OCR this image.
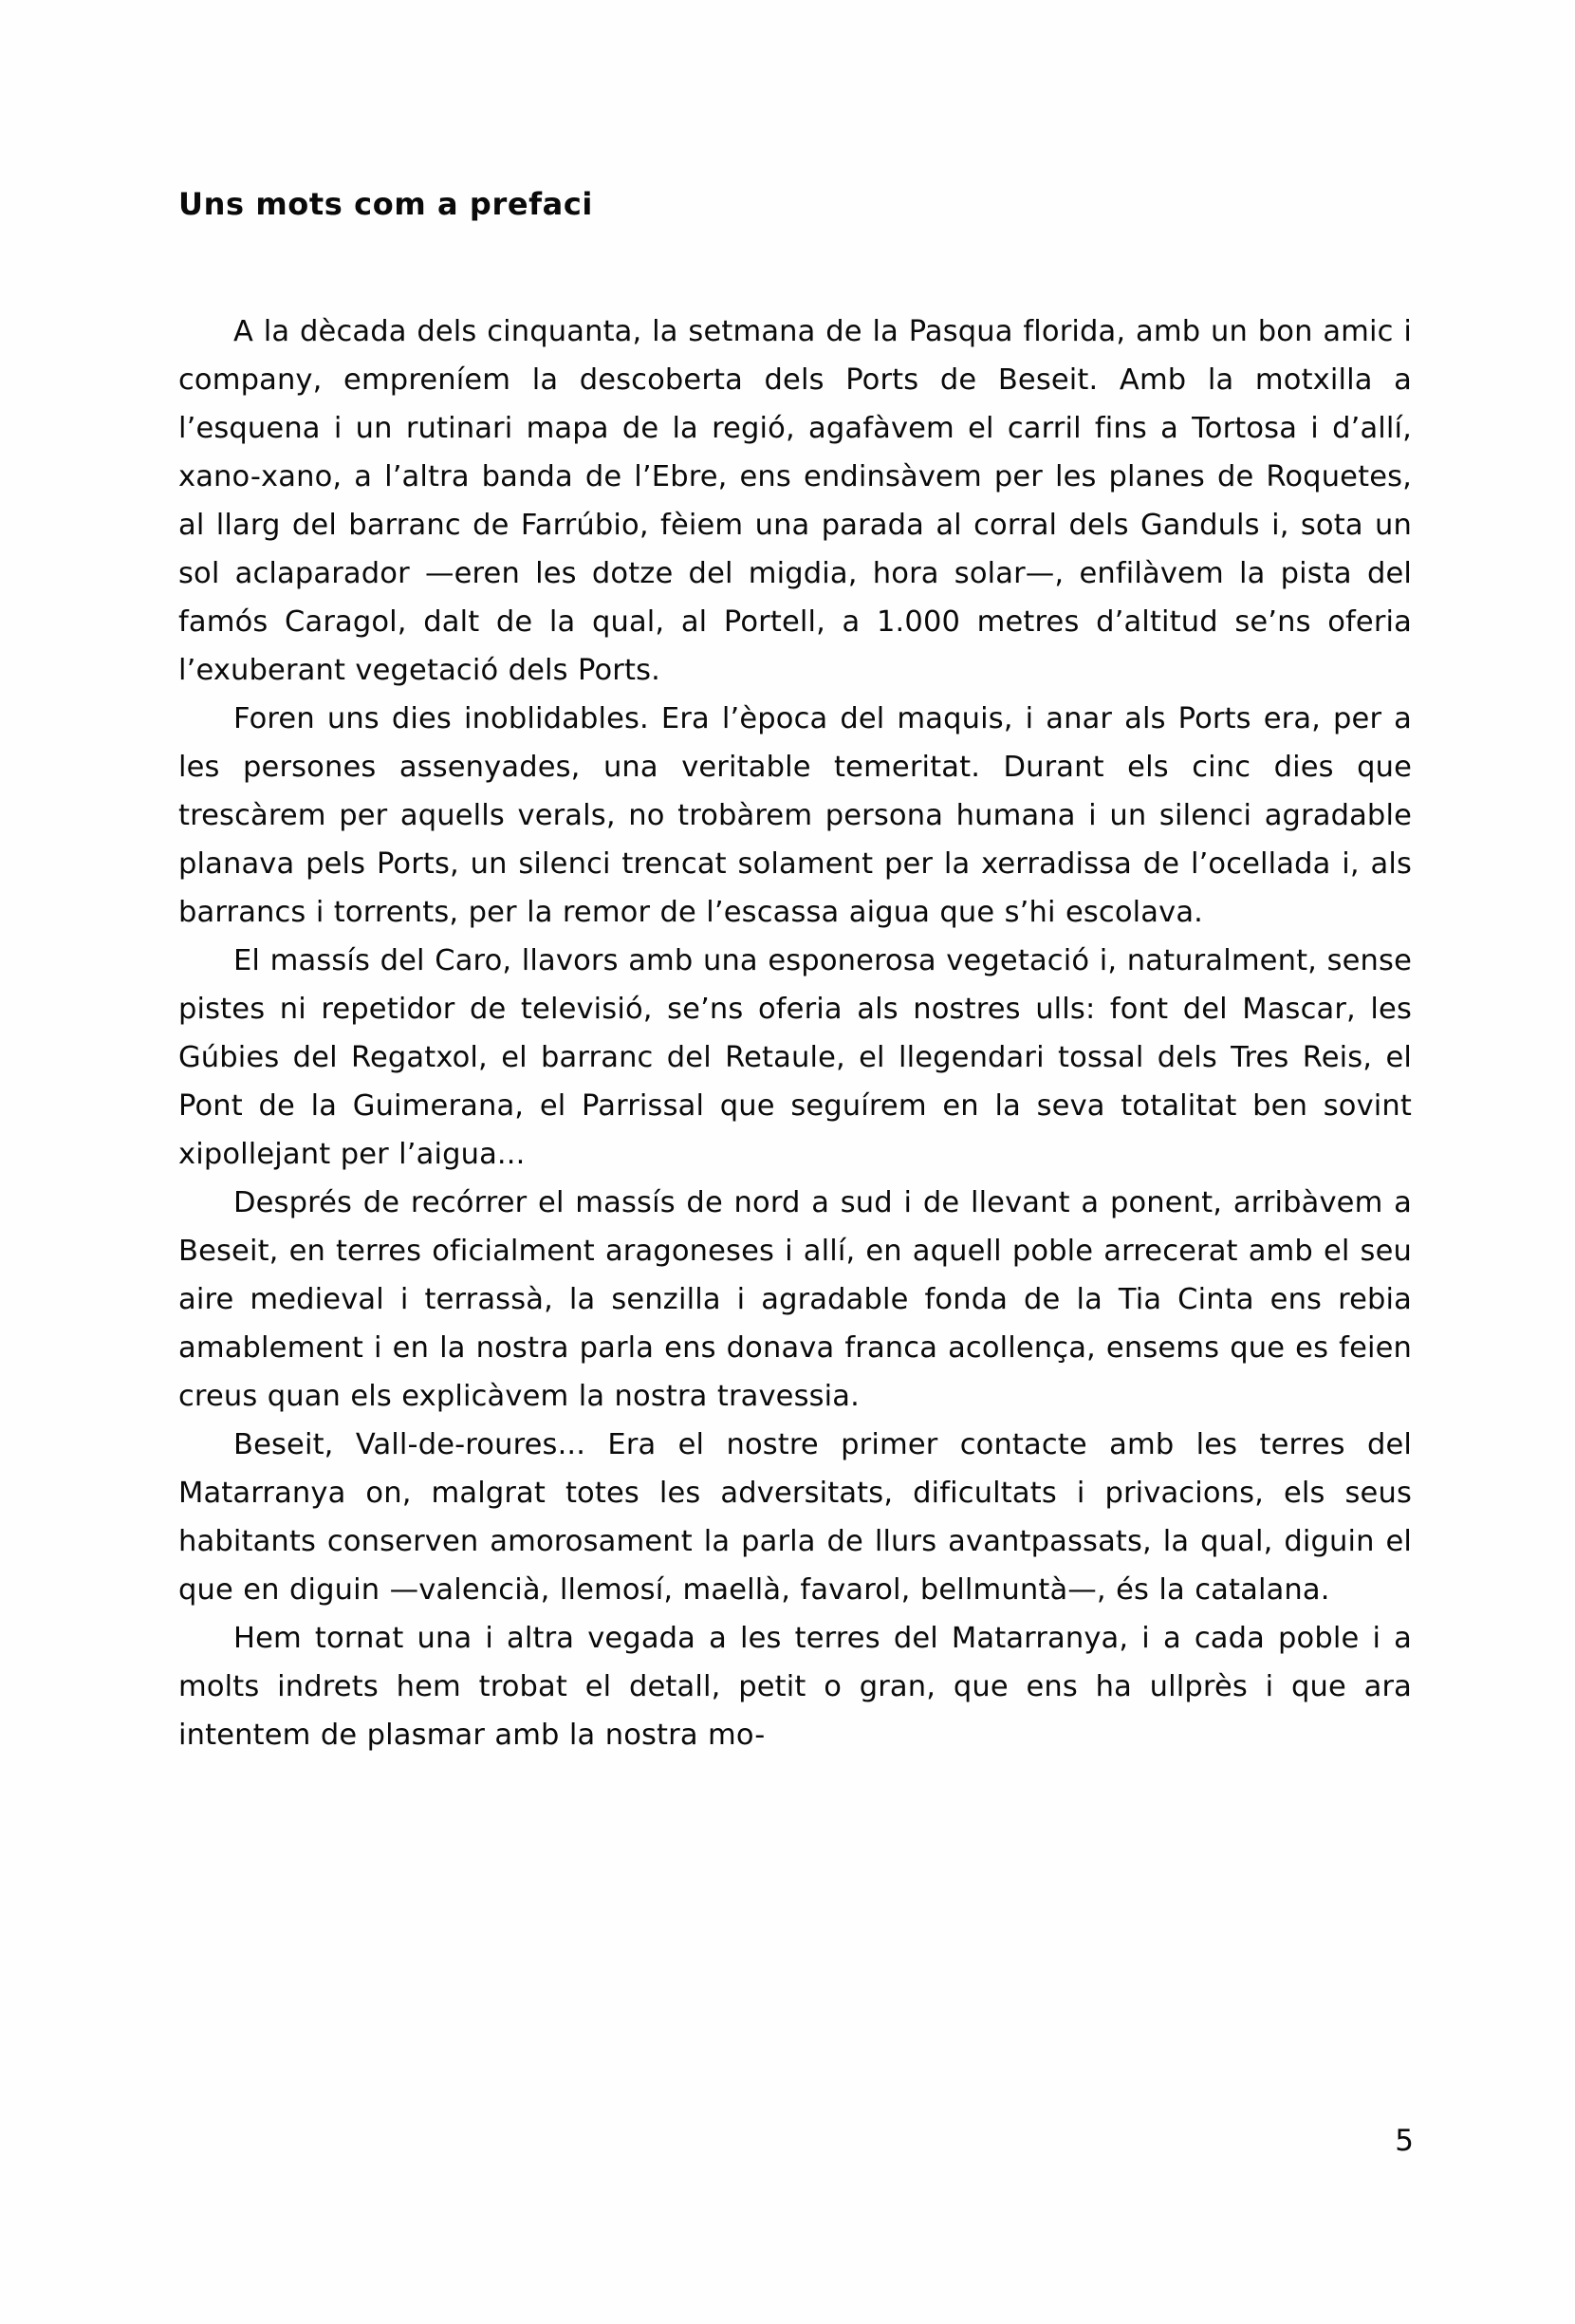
Uns mots com a prefaci

A la dècada dels cinquanta, la setmana de la Pasqua florida, amb un bon amic i company, empreníem la descoberta dels Ports de Beseit. Amb la motxilla a l’esquena i un rutinari mapa de la regió, agafàvem el carril fins a Tortosa i d’allí, xano-xano, a l’altra banda de l’Ebre, ens endinsàvem per les planes de Roquetes, al llarg del barranc de Farrúbio, fèiem una parada al corral dels Ganduls i, sota un sol aclaparador —eren les dotze del migdia, hora solar—, enfilàvem la pista del famós Caragol, dalt de la qual, al Portell, a 1.000 metres d’altitud se’ns oferia l’exuberant vegetació dels Ports.

Foren uns dies inoblidables. Era l’època del maquis, i anar als Ports era, per a les persones assenyades, una veritable temeritat. Durant els cinc dies que trescàrem per aquells verals, no trobàrem persona humana i un silenci agradable planava pels Ports, un silenci trencat solament per la xerradissa de l’ocellada i, als barrancs i torrents, per la remor de l’escassa aigua que s’hi escolava.

El massís del Caro, llavors amb una esponerosa vegetació i, naturalment, sense pistes ni repetidor de televisió, se’ns oferia als nostres ulls: font del Mascar, les Gúbies del Regatxol, el barranc del Retaule, el llegendari tossal dels Tres Reis, el Pont de la Guimerana, el Parrissal que seguírem en la seva totalitat ben sovint xipollejant per l’aigua...

Després de recórrer el massís de nord a sud i de llevant a ponent, arribàvem a Beseit, en terres oficialment aragoneses i allí, en aquell poble arrecerat amb el seu aire medieval i terrassà, la senzilla i agradable fonda de la Tia Cinta ens rebia amablement i en la nostra parla ens donava franca acollença, ensems que es feien creus quan els explicàvem la nostra travessia.

Beseit, Vall-de-roures... Era el nostre primer contacte amb les terres del Matarranya on, malgrat totes les adversitats, dificultats i privacions, els seus habitants conserven amorosament la parla de llurs avantpassats, la qual, diguin el que en diguin —valencià, llemosí, maellà, favarol, bellmuntà—, és la catalana.

Hem tornat una i altra vegada a les terres del Matarranya, i a cada poble i a molts indrets hem trobat el detall, petit o gran, que ens ha ullprès i que ara intentem de plasmar amb la nostra mo-

5
